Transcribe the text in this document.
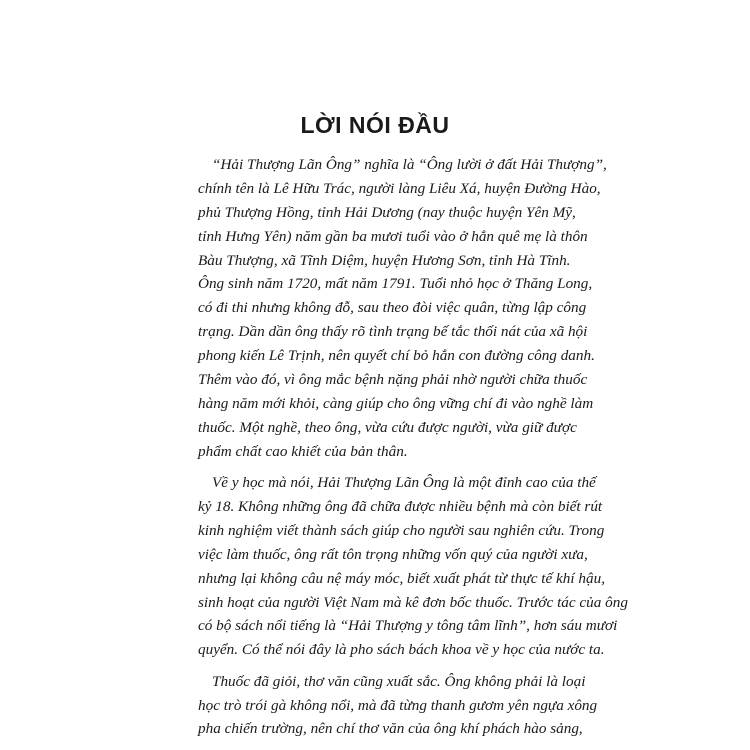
LỜI NÓI ĐẦU
“Hải Thượng Lãn Ông” nghĩa là “Ông lười ở đất Hải Thượng”,
chính tên là Lê Hữu Trác, người làng Liêu Xá, huyện Đường Hào,
phủ Thượng Hồng, tỉnh Hải Dương (nay thuộc huyện Yên Mỹ,
tỉnh Hưng Yên) năm gần ba mươi tuổi vào ở hẳn quê mẹ là thôn
Bàu Thượng, xã Tĩnh Diệm, huyện Hương Sơn, tỉnh Hà Tĩnh.
Ông sinh năm 1720, mất năm 1791. Tuổi nhỏ học ở Thăng Long,
có đi thi nhưng không đỗ, sau theo đòi việc quân, từng lập công
trạng. Dần dần ông thấy rõ tình trạng bế tắc thối nát của xã hội
phong kiến Lê Trịnh, nên quyết chí bỏ hẳn con đường công danh.
Thêm vào đó, vì ông mắc bệnh nặng phải nhờ người chữa thuốc
hàng năm mới khỏi, càng giúp cho ông vững chí đi vào nghề làm
thuốc. Một nghề, theo ông, vừa cứu được người, vừa giữ được
phẩm chất cao khiết của bản thân.
Về y học mà nói, Hải Thượng Lãn Ông là một đỉnh cao của thế
kỷ 18. Không những ông đã chữa được nhiều bệnh mà còn biết rút
kinh nghiệm viết thành sách giúp cho người sau nghiên cứu. Trong
việc làm thuốc, ông rất tôn trọng những vốn quý của người xưa,
nhưng lại không câu nệ máy móc, biết xuất phát từ thực tế khí hậu,
sinh hoạt của người Việt Nam mà kê đơn bốc thuốc. Trước tác của ông
có bộ sách nổi tiếng là “Hải Thượng y tông tâm lĩnh”, hơn sáu mươi
quyển. Có thể nói đây là pho sách bách khoa về y học của nước ta.
Thuốc đã giỏi, thơ văn cũng xuất sắc. Ông không phải là loại
học trò trói gà không nổi, mà đã từng thanh gươm yên ngựa xông
pha chiến trường, nên chí thơ văn của ông khí phách hào sảng,
